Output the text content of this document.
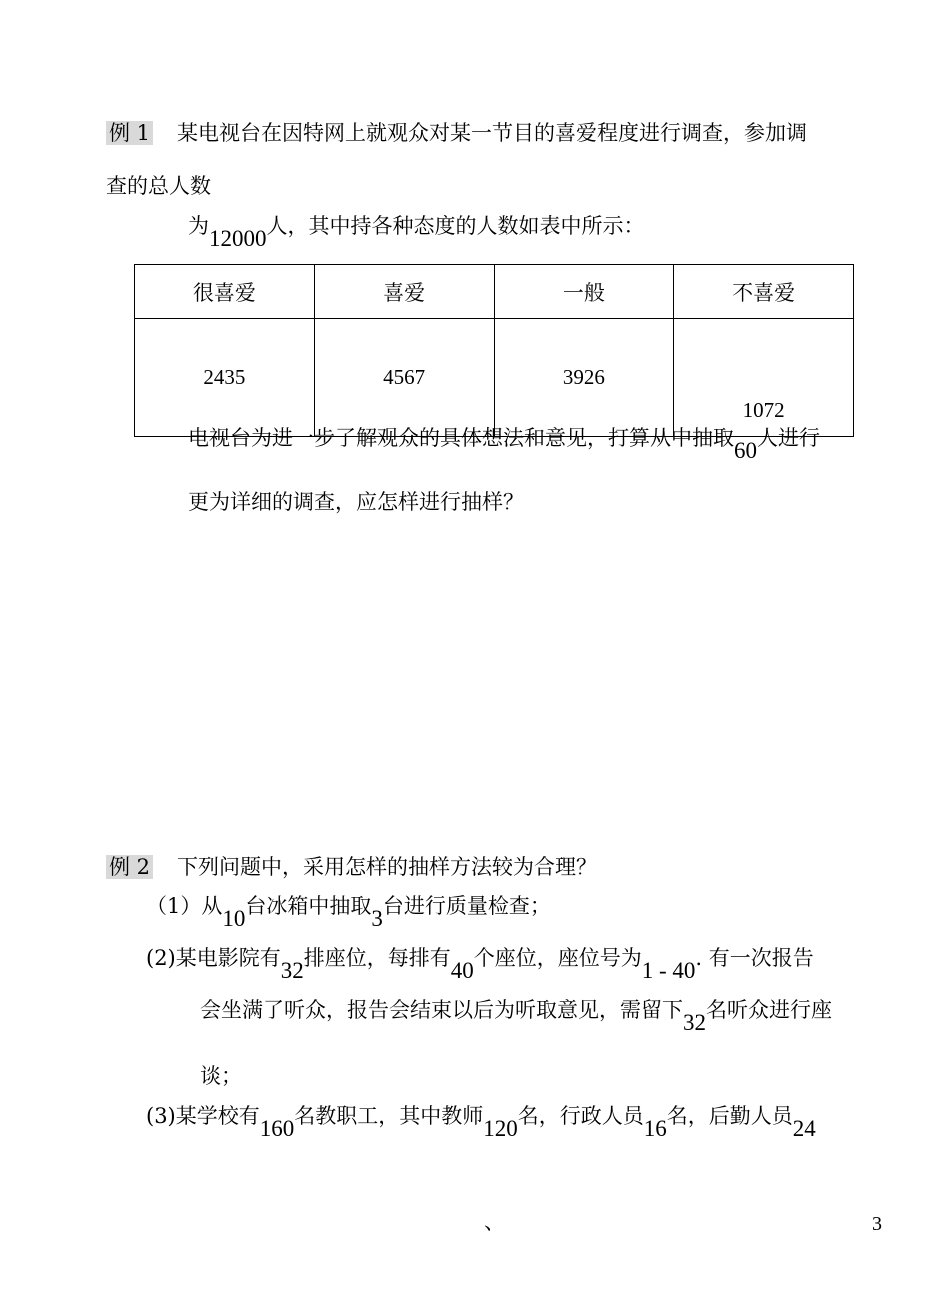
例 1 某电视台在因特网上就观众对某一节目的喜爱程度进行调查，参加调
查的总人数
为12000人，其中持各种态度的人数如表中所示：
很喜爱	喜爱	一般	不喜爱
2435	4567	3926	1072
电视台为进一步了解观众的具体想法和意见，打算从中抽取60人进行
更为详细的调查，应怎样进行抽样？
例 2 下列问题中，采用怎样的抽样方法较为合理？
（1）从10台冰箱中抽取3台进行质量检查；
(2)某电影院有32排座位，每排有40个座位，座位号为1 - 40. 有一次报告
会坐满了听众，报告会结束以后为听取意见，需留下32名听众进行座
谈；
(3)某学校有160名教职工，其中教师120名，行政人员16名，后勤人员24
、	3
